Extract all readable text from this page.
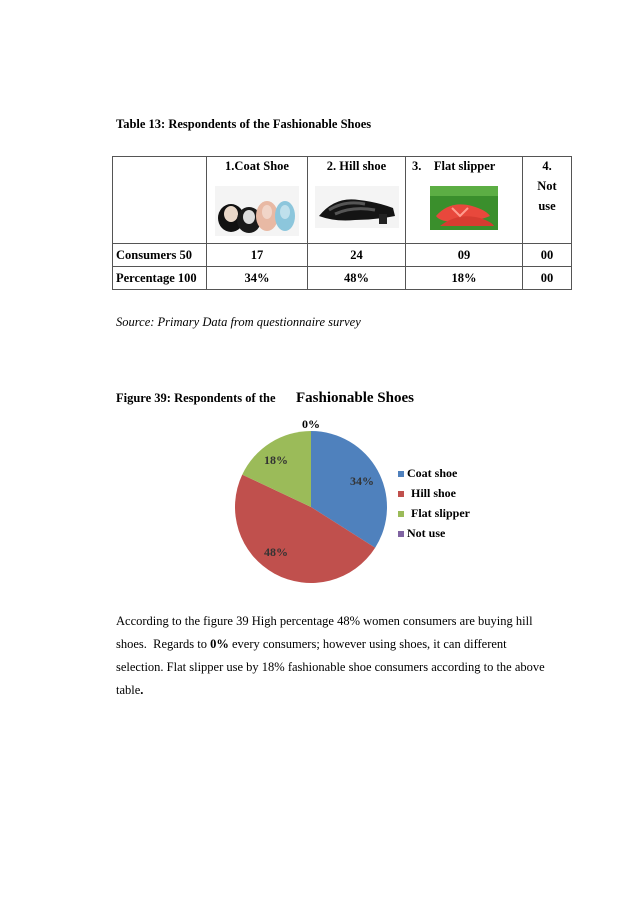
Table 13: Respondents of the Fashionable Shoes

	1.Coat Shoe	2. Hill shoe	3.    Flat slipper	4.
Not
use

Consumers 50	17	24	09	00
Percentage 100	34%	48%	18%	00
Source: Primary Data from questionnaire survey
Figure 39: Respondents of the Fashionable Shoes
34%
48%
18%
0%
Coat shoe
Hill shoe
Flat slipper
Not use
According to the figure 39 High percentage 48% women consumers are buying hill
shoes.  Regards to 0% every consumers; however using shoes, it can different
selection. Flat slipper use by 18% fashionable shoe consumers according to the above
table.
